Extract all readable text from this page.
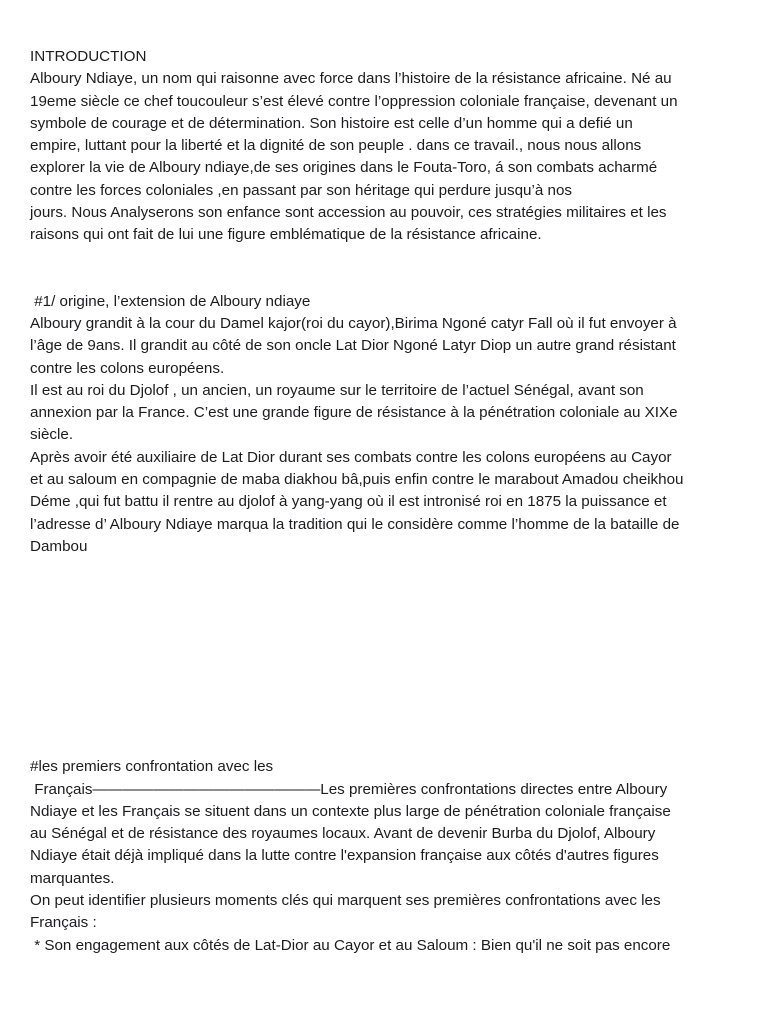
INTRODUCTION
Alboury Ndiaye, un nom qui raisonne avec force dans l’histoire de la résistance africaine. Né au
19eme siècle ce chef toucouleur s’est élevé contre l’oppression coloniale française, devenant un
symbole de courage et de détermination. Son histoire est celle d’un homme qui a defié un
empire, luttant pour la liberté et la dignité de son peuple . dans ce travail., nous nous allons
explorer la vie de Alboury ndiaye,de ses origines dans le Fouta-Toro, á son combats acharmé
contre les forces coloniales ,en passant par son héritage qui perdure jusqu’à nos
jours. Nous Analyserons son enfance sont accession au pouvoir, ces stratégies militaires et les
raisons qui ont fait de lui une figure emblématique de la résistance africaine.
#1/ origine, l’extension de Alboury ndiaye
Alboury grandit à la cour du Damel kajor(roi du cayor),Birima Ngoné catyr Fall où il fut envoyer à
l’âge de 9ans. Il grandit au côté de son oncle Lat Dior Ngoné Latyr Diop un autre grand résistant
contre les colons européens.
Il est au roi du Djolof , un ancien, un royaume sur le territoire de l’actuel Sénégal, avant son
annexion par la France. C’est une grande figure de résistance à la pénétration coloniale au XIXe
siècle.
Après avoir été auxiliaire de Lat Dior durant ses combats contre les colons européens au Cayor
et au saloum en compagnie de maba diakhou bâ,puis enfin contre le marabout Amadou cheikhou
Déme ,qui fut battu il rentre au djolof à yang-yang où il est intronisé roi en 1875 la puissance et
l’adresse d’ Alboury Ndiaye marqua la tradition qui le considère comme l’homme de la bataille de
Dambou
#les premiers confrontation avec les
Français———————————————Les premières confrontations directes entre Alboury
Ndiaye et les Français se situent dans un contexte plus large de pénétration coloniale française
au Sénégal et de résistance des royaumes locaux. Avant de devenir Burba du Djolof, Alboury
Ndiaye était déjà impliqué dans la lutte contre l'expansion française aux côtés d'autres figures
marquantes.
On peut identifier plusieurs moments clés qui marquent ses premières confrontations avec les
Français :
* Son engagement aux côtés de Lat-Dior au Cayor et au Saloum : Bien qu'il ne soit pas encore
